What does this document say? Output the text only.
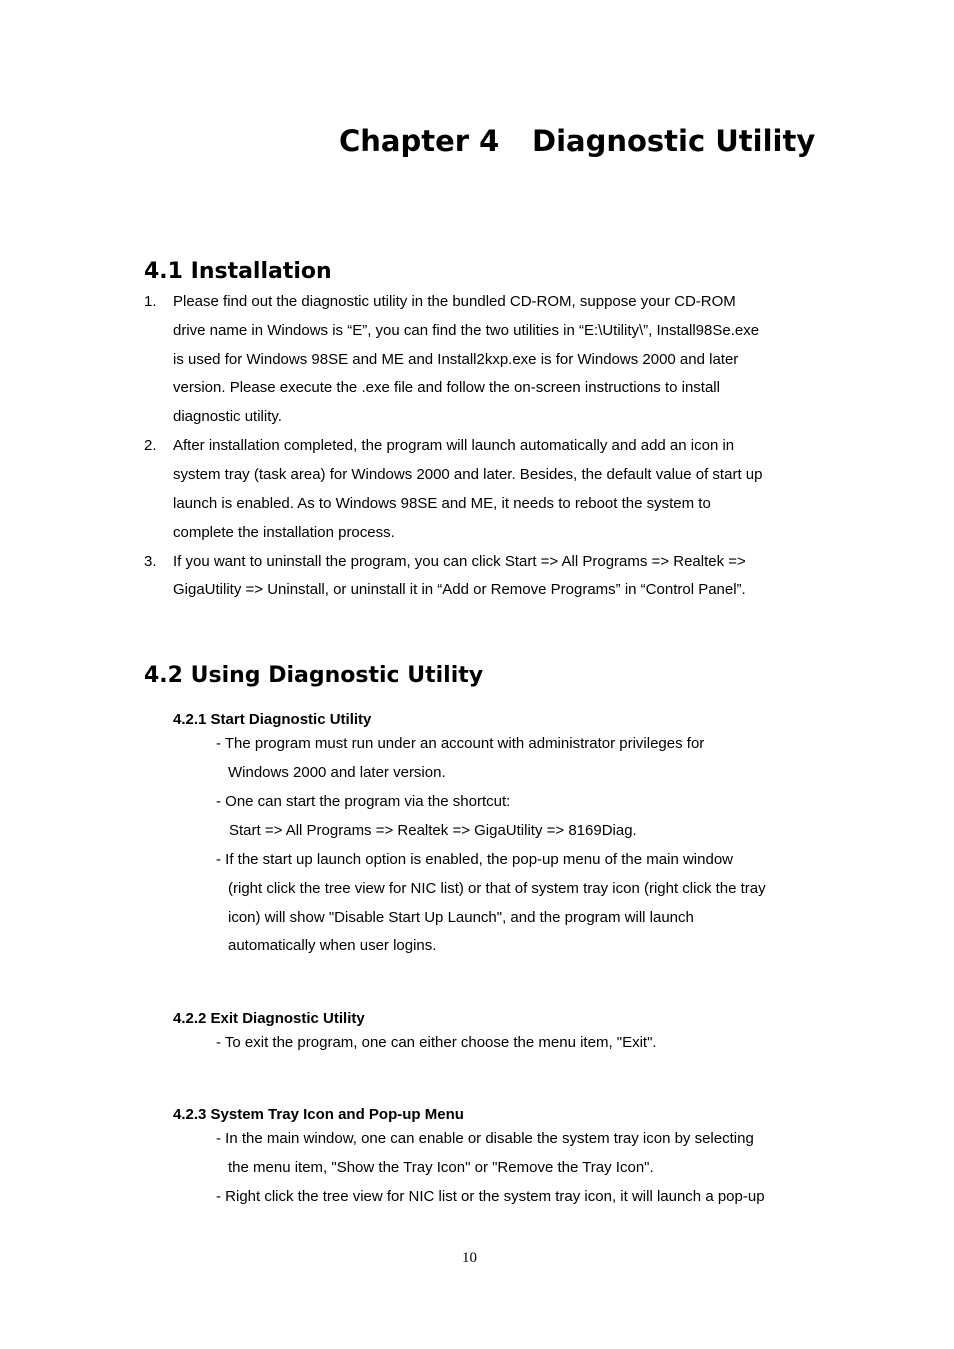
Chapter 4 Diagnostic Utility
4.1 Installation
1. Please find out the diagnostic utility in the bundled CD-ROM, suppose your CD-ROM
drive name in Windows is “E”, you can find the two utilities in “E:\Utility\”, Install98Se.exe
is used for Windows 98SE and ME and Install2kxp.exe is for Windows 2000 and later
version. Please execute the .exe file and follow the on-screen instructions to install
diagnostic utility.
2. After installation completed, the program will launch automatically and add an icon in
system tray (task area) for Windows 2000 and later. Besides, the default value of start up
launch is enabled. As to Windows 98SE and ME, it needs to reboot the system to
complete the installation process.
3. If you want to uninstall the program, you can click Start => All Programs => Realtek =>
GigaUtility => Uninstall, or uninstall it in “Add or Remove Programs” in “Control Panel”.
4.2 Using Diagnostic Utility
4.2.1 Start Diagnostic Utility
- The program must run under an account with administrator privileges for
Windows 2000 and later version.
- One can start the program via the shortcut:
Start => All Programs => Realtek => GigaUtility => 8169Diag.
- If the start up launch option is enabled, the pop-up menu of the main window
(right click the tree view for NIC list) or that of system tray icon (right click the tray
icon) will show "Disable Start Up Launch", and the program will launch
automatically when user logins.
4.2.2 Exit Diagnostic Utility
- To exit the program, one can either choose the menu item, "Exit".
4.2.3 System Tray Icon and Pop-up Menu
- In the main window, one can enable or disable the system tray icon by selecting
the menu item, "Show the Tray Icon" or "Remove the Tray Icon".
- Right click the tree view for NIC list or the system tray icon, it will launch a pop-up
10
